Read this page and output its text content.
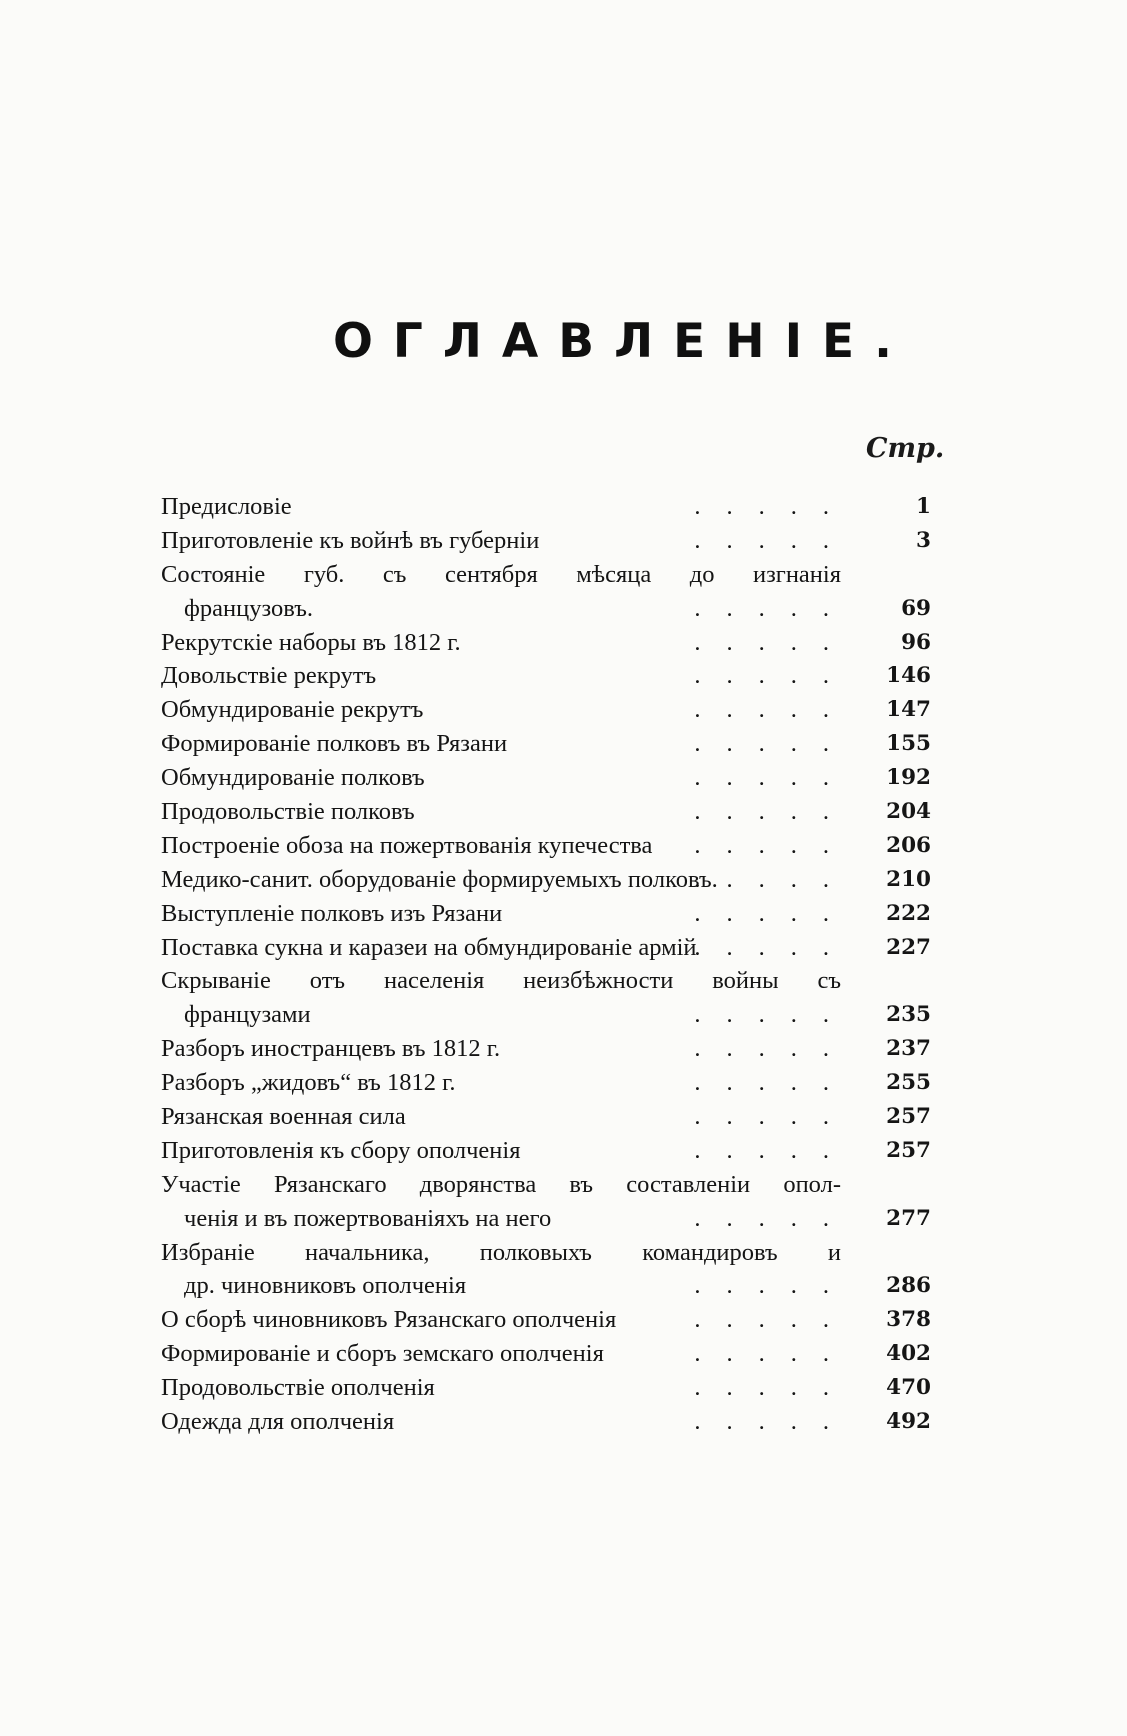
ОГЛАВЛЕНІЕ.
Стр.
Предисловіе	.....	1
Приготовленіе къ войнѣ въ губерніи	.....	3
Состояніе губ. съ сентября мѣсяца до изгнанія
французовъ.	.....	69
Рекрутскіе наборы въ 1812 г.	.....	96
Довольствіе рекрутъ	.....	146
Обмундированіе рекрутъ	.....	147
Формированіе полковъ въ Рязани	.....	155
Обмундированіе полковъ	.....	192
Продовольствіе полковъ	.....	204
Построеніе обоза на пожертвованія купечества .....	206
Медико-санит. оборудованіе формируемыхъ полковъ.
.....	210
Выступленіе полковъ изъ Рязани	.....	222
Поставка сукна и каразеи на обмундированіе армій
.....	227
Скрываніе отъ населенія неизбѣжности войны съ
французами	.....	235
Разборъ иностранцевъ въ 1812 г.	.....	237
Разборъ „жидовъ“ въ 1812 г.	.....	255
Рязанская военная сила	.....	257
Приготовленія къ сбору ополченія	.....	257
Участіе Рязанскаго дворянства въ составленіи опол-
ченія и въ пожертвованіяхъ на него	.....	277
Избраніе начальника, полковыхъ командировъ и
др. чиновниковъ ополченія	.....	286
О сборѣ чиновниковъ Рязанскаго ополченія	.....	378
Формированіе и сборъ земскаго ополченія	.....	402
Продовольствіе ополченія	.....	470
Одежда для ополченія	.....	492
